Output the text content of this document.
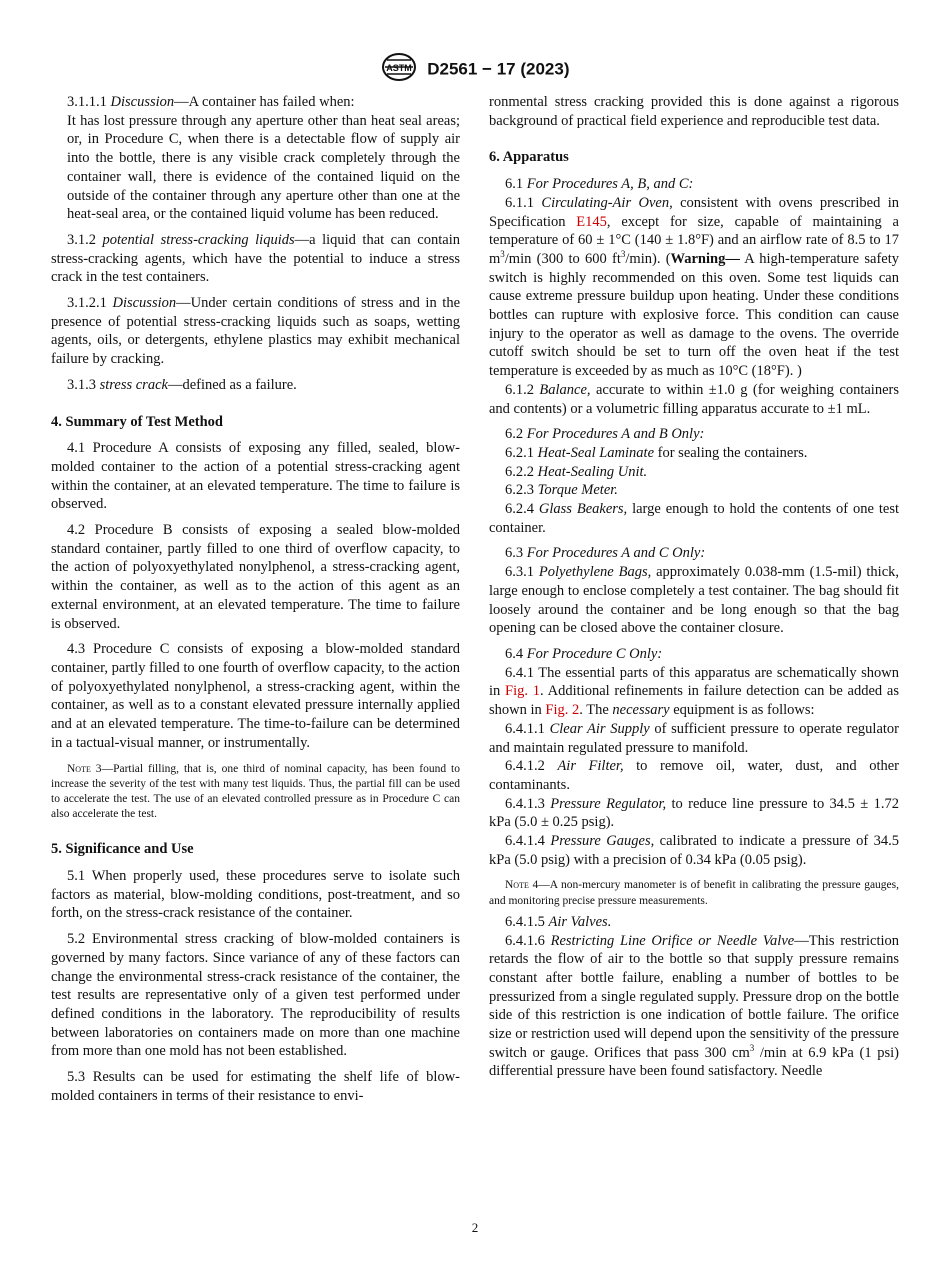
ASTM D2561 − 17 (2023)

3.1.1.1 Discussion—A container has failed when:

It has lost pressure through any aperture other than heat seal areas; or, in Procedure C, when there is a detectable flow of supply air into the bottle, there is any visible crack completely through the container wall, there is evidence of the contained liquid on the outside of the container through any aperture other than one at the heat-seal area, or the contained liquid volume has been reduced.

3.1.2 potential stress-cracking liquids—a liquid that can contain stress-cracking agents, which have the potential to induce a stress crack in the test containers.

3.1.2.1 Discussion—Under certain conditions of stress and in the presence of potential stress-cracking liquids such as soaps, wetting agents, oils, or detergents, ethylene plastics may exhibit mechanical failure by cracking.

3.1.3 stress crack—defined as a failure.

4. Summary of Test Method

4.1 Procedure A consists of exposing any filled, sealed, blow-molded container to the action of a potential stress-cracking agent within the container, at an elevated temperature. The time to failure is observed.

4.2 Procedure B consists of exposing a sealed blow-molded standard container, partly filled to one third of overflow capacity, to the action of polyoxyethylated nonylphenol, a stress-cracking agent, within the container, as well as to the action of this agent as an external environment, at an elevated temperature. The time to failure is observed.

4.3 Procedure C consists of exposing a blow-molded standard container, partly filled to one fourth of overflow capacity, to the action of polyoxyethylated nonylphenol, a stress-cracking agent, within the container, as well as to a constant elevated pressure internally applied and at an elevated temperature. The time-to-failure can be determined in a tactual-visual manner, or instrumentally.

Note 3—Partial filling, that is, one third of nominal capacity, has been found to increase the severity of the test with many test liquids. Thus, the partial fill can be used to accelerate the test. The use of an elevated controlled pressure as in Procedure C can also accelerate the test.

5. Significance and Use

5.1 When properly used, these procedures serve to isolate such factors as material, blow-molding conditions, post-treatment, and so forth, on the stress-crack resistance of the container.

5.2 Environmental stress cracking of blow-molded containers is governed by many factors. Since variance of any of these factors can change the environmental stress-crack resistance of the container, the test results are representative only of a given test performed under defined conditions in the laboratory. The reproducibility of results between laboratories on containers made on more than one machine from more than one mold has not been established.

5.3 Results can be used for estimating the shelf life of blow-molded containers in terms of their resistance to envi-

ronmental stress cracking provided this is done against a rigorous background of practical field experience and reproducible test data.

6. Apparatus

6.1 For Procedures A, B, and C:

6.1.1 Circulating-Air Oven, consistent with ovens prescribed in Specification E145, except for size, capable of maintaining a temperature of 60 ± 1°C (140 ± 1.8°F) and an airflow rate of 8.5 to 17 $m^3/\min$ (300 to 600 $ft^3/\min$). (Warning— A high-temperature safety switch is highly recommended on this oven. Some test liquids can cause extreme pressure buildup upon heating. Under these conditions bottles can rupture with explosive force. This condition can cause injury to the operator as well as damage to the ovens. The override cutoff switch should be set to turn off the oven heat if the test temperature is exceeded by as much as 10°C (18°F). )

6.1.2 Balance, accurate to within ±1.0 g (for weighing containers and contents) or a volumetric filling apparatus accurate to ±1 mL.

6.2 For Procedures A and B Only:

6.2.1 Heat-Seal Laminate for sealing the containers.

6.2.2 Heat-Sealing Unit.

6.2.3 Torque Meter.

6.2.4 Glass Beakers, large enough to hold the contents of one test container.

6.3 For Procedures A and C Only:

6.3.1 Polyethylene Bags, approximately 0.038-mm (1.5-mil) thick, large enough to enclose completely a test container. The bag should fit loosely around the container and be long enough so that the bag opening can be closed above the container closure.

6.4 For Procedure C Only:

6.4.1 The essential parts of this apparatus are schematically shown in Fig. 1. Additional refinements in failure detection can be added as shown in Fig. 2. The necessary equipment is as follows:

6.4.1.1 Clear Air Supply of sufficient pressure to operate regulator and maintain regulated pressure to manifold.

6.4.1.2 Air Filter, to remove oil, water, dust, and other contaminants.

6.4.1.3 Pressure Regulator, to reduce line pressure to 34.5 ± 1.72 kPa (5.0 ± 0.25 psig).

6.4.1.4 Pressure Gauges, calibrated to indicate a pressure of 34.5 kPa (5.0 psig) with a precision of 0.34 kPa (0.05 psig).

Note 4—A non-mercury manometer is of benefit in calibrating the pressure gauges, and monitoring precise pressure measurements.

6.4.1.5 Air Valves.

6.4.1.6 Restricting Line Orifice or Needle Valve—This restriction retards the flow of air to the bottle so that supply pressure remains constant after bottle failure, enabling a number of bottles to be pressurized from a single regulated supply. Pressure drop on the bottle side of this restriction is one indication of bottle failure. The orifice size or restriction used will depend upon the sensitivity of the pressure switch or gauge. Orifices that pass 300 $cm^3$ /min at 6.9 kPa (1 psi) differential pressure have been found satisfactory. Needle

2
